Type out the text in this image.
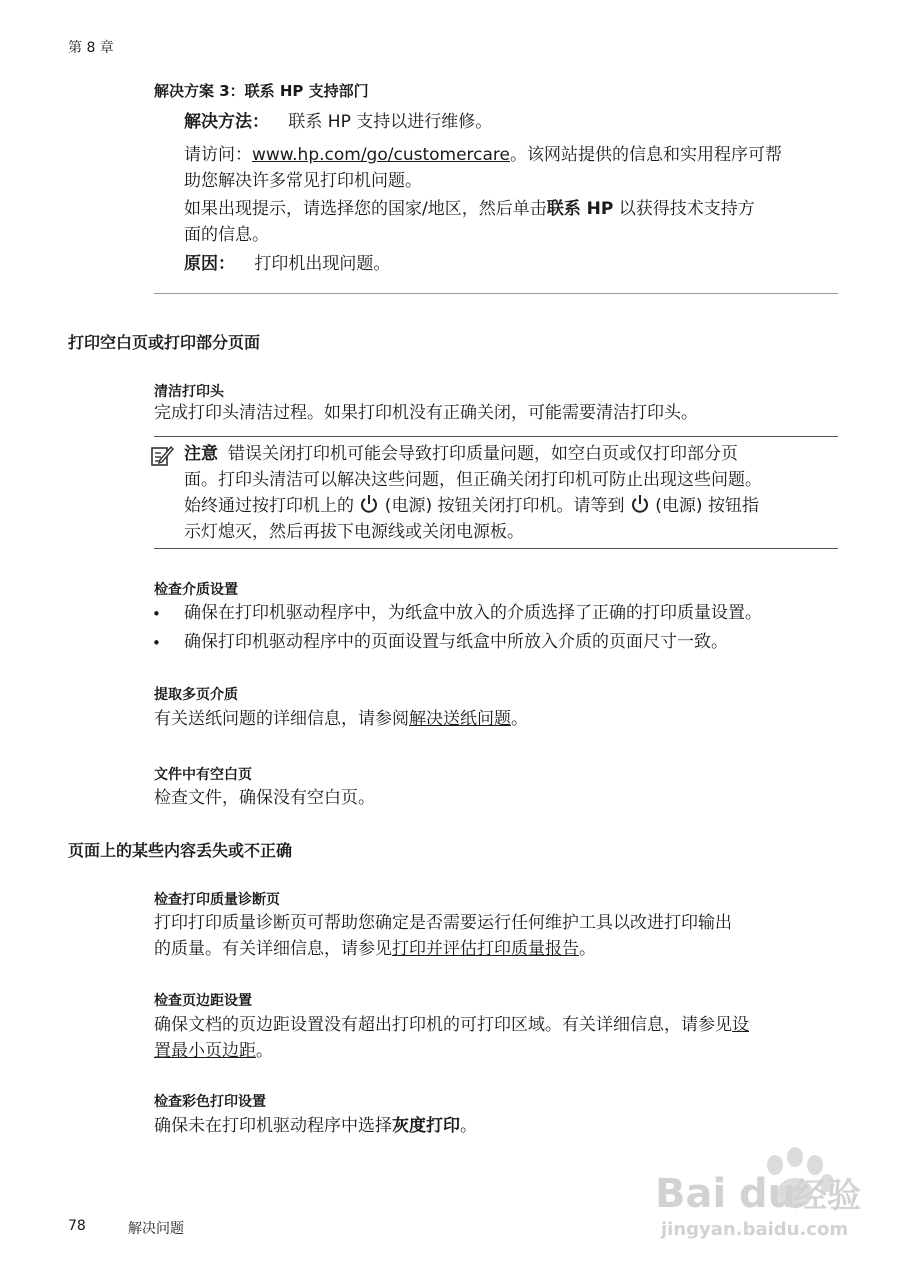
第 8 章
解决方案 3：联系 HP 支持部门
解决方法： 联系 HP 支持以进行维修。
请访问：www.hp.com/go/customercare。该网站提供的信息和实用程序可帮
助您解决许多常见打印机问题。
如果出现提示，请选择您的国家/地区，然后单击联系 HP 以获得技术支持方
面的信息。
原因： 打印机出现问题。
打印空白页或打印部分页面
清洁打印头
完成打印头清洁过程。如果打印机没有正确关闭，可能需要清洁打印头。
注意 错误关闭打印机可能会导致打印质量问题，如空白页或仅打印部分页
面。打印头清洁可以解决这些问题，但正确关闭打印机可防止出现这些问题。
始终通过按打印机上的  (电源) 按钮关闭打印机。请等到  (电源) 按钮指
示灯熄灭，然后再拔下电源线或关闭电源板。
检查介质设置
• 确保在打印机驱动程序中，为纸盒中放入的介质选择了正确的打印质量设置。
• 确保打印机驱动程序中的页面设置与纸盒中所放入介质的页面尺寸一致。
提取多页介质
有关送纸问题的详细信息，请参阅解决送纸问题。
文件中有空白页
检查文件，确保没有空白页。
页面上的某些内容丢失或不正确
检查打印质量诊断页
打印打印质量诊断页可帮助您确定是否需要运行任何维护工具以改进打印输出
的质量。有关详细信息，请参见打印并评估打印质量报告。
检查页边距设置
确保文档的页边距设置没有超出打印机的可打印区域。有关详细信息，请参见设
置最小页边距。
检查彩色打印设置
确保未在打印机驱动程序中选择灰度打印。
78	解决问题
Bai du
经验
jingyan.baidu.com
